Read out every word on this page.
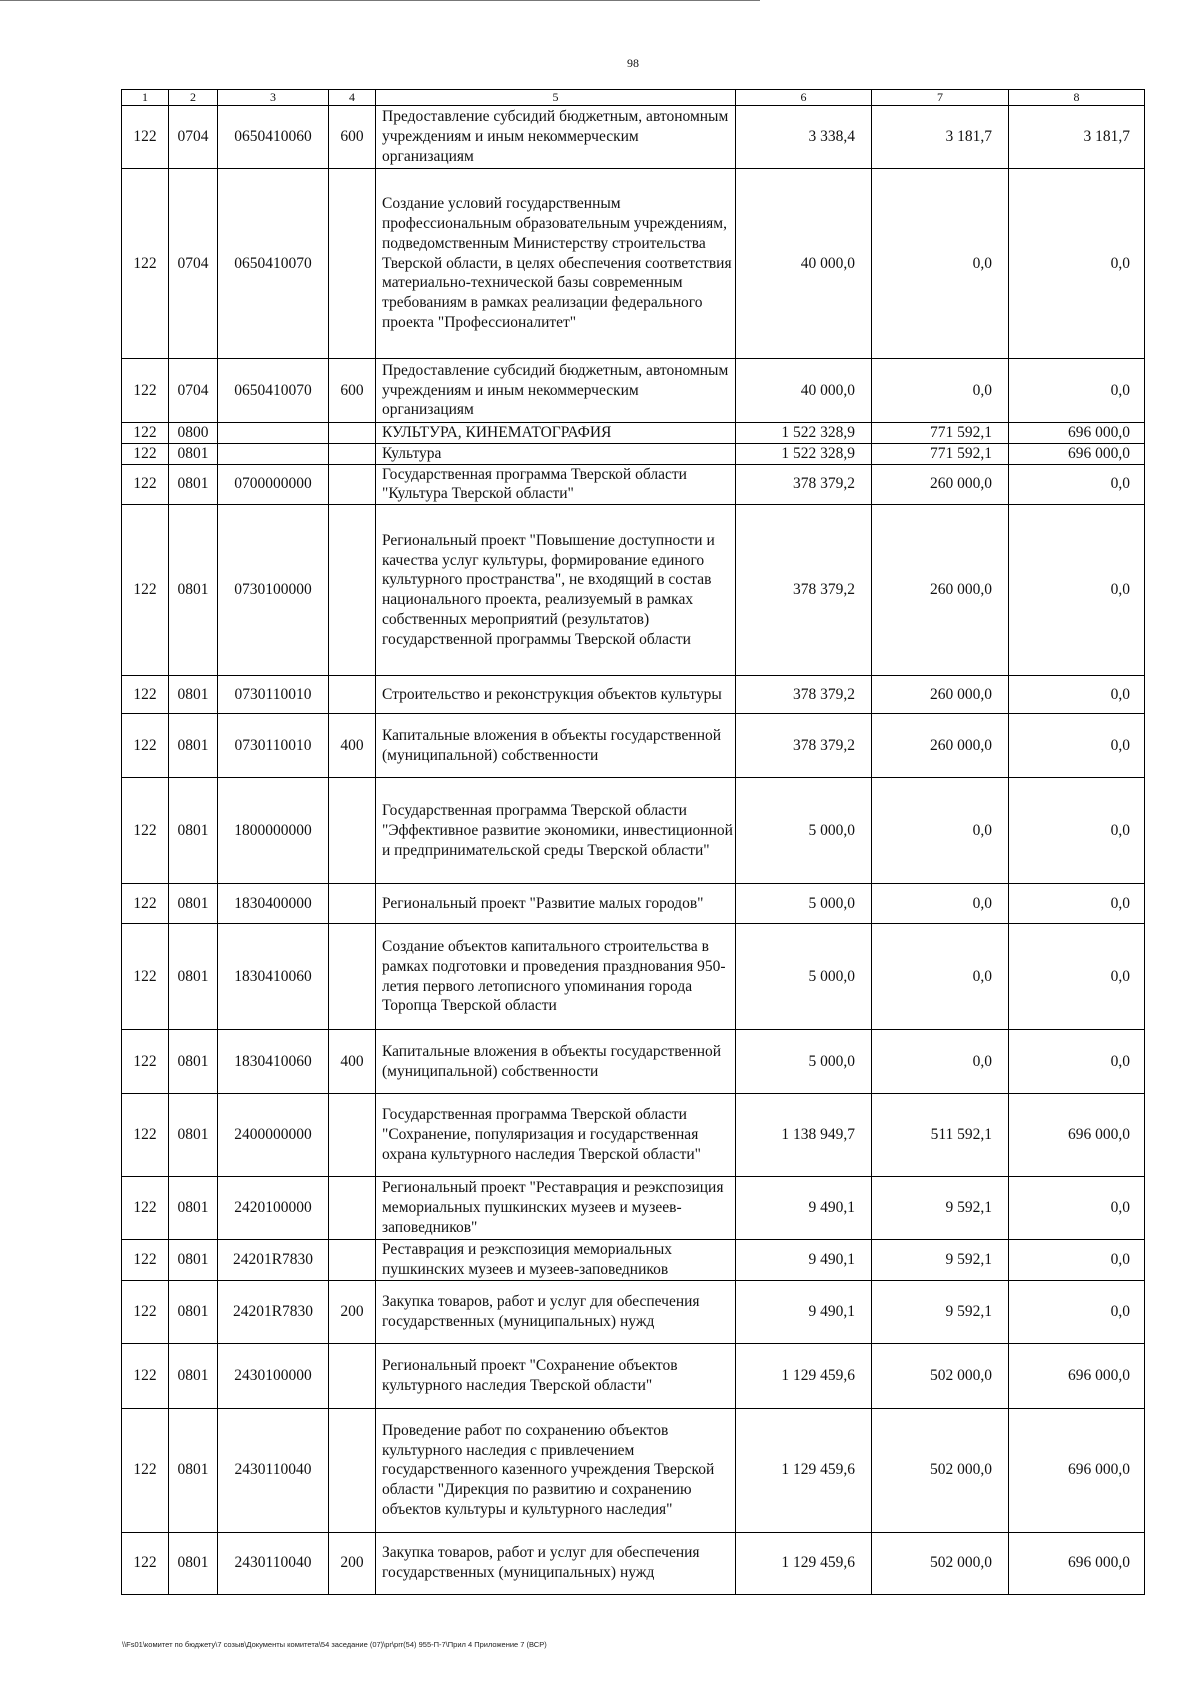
98
1	2	3	4	5	6	7	8
122	0704	0650410060	600	Предоставление субсидий бюджетным, автономным учреждениям и иным некоммерческим организациям	3 338,4	3 181,7	3 181,7
122	0704	0650410070		Создание условий государственным профессиональным образовательным учреждениям, подведомственным Министерству строительства Тверской области, в целях обеспечения соответствия материально-технической базы современным требованиям в рамках реализации федерального проекта "Профессионалитет"	40 000,0	0,0	0,0
122	0704	0650410070	600	Предоставление субсидий бюджетным, автономным учреждениям и иным некоммерческим организациям	40 000,0	0,0	0,0
122	0800			КУЛЬТУРА, КИНЕМАТОГРАФИЯ	1 522 328,9	771 592,1	696 000,0
122	0801			Культура	1 522 328,9	771 592,1	696 000,0
122	0801	0700000000		Государственная программа Тверской области "Культура Тверской области"	378 379,2	260 000,0	0,0
122	0801	0730100000		Региональный проект "Повышение доступности и качества услуг культуры, формирование единого культурного пространства", не входящий в состав национального проекта, реализуемый в рамках собственных мероприятий (результатов) государственной программы Тверской области	378 379,2	260 000,0	0,0
122	0801	0730110010		Строительство и реконструкция объектов культуры	378 379,2	260 000,0	0,0
122	0801	0730110010	400	Капитальные вложения в объекты государственной (муниципальной) собственности	378 379,2	260 000,0	0,0
122	0801	1800000000		Государственная программа Тверской области "Эффективное развитие экономики, инвестиционной и предпринимательской среды Тверской области"	5 000,0	0,0	0,0
122	0801	1830400000		Региональный проект "Развитие малых городов"	5 000,0	0,0	0,0
122	0801	1830410060		Создание объектов капитального строительства в рамках подготовки и проведения празднования 950-летия первого летописного упоминания города Торопца Тверской области	5 000,0	0,0	0,0
122	0801	1830410060	400	Капитальные вложения в объекты государственной (муниципальной) собственности	5 000,0	0,0	0,0
122	0801	2400000000		Государственная программа Тверской области "Сохранение, популяризация и государственная охрана культурного наследия Тверской области"	1 138 949,7	511 592,1	696 000,0
122	0801	2420100000		Региональный проект "Реставрация и реэкспозиция мемориальных пушкинских музеев и музеев-заповедников"	9 490,1	9 592,1	0,0
122	0801	24201R7830		Реставрация и реэкспозиция мемориальных пушкинских музеев и музеев-заповедников	9 490,1	9 592,1	0,0
122	0801	24201R7830	200	Закупка товаров, работ и услуг для обеспечения государственных (муниципальных) нужд	9 490,1	9 592,1	0,0
122	0801	2430100000		Региональный проект "Сохранение объектов культурного наследия Тверской области"	1 129 459,6	502 000,0	696 000,0
122	0801	2430110040		Проведение работ по сохранению объектов культурного наследия с привлечением государственного казенного учреждения Тверской области "Дирекция по развитию и сохранению объектов культуры и культурного наследия"	1 129 459,6	502 000,0	696 000,0
122	0801	2430110040	200	Закупка товаров, работ и услуг для обеспечения государственных (муниципальных) нужд	1 129 459,6	502 000,0	696 000,0
\\Fs01\комитет по бюджету\7 созыв\Документы комитета\54 заседание (07)\pr\prr(54) 955-П-7\Прил 4 Приложение 7 (ВСР)
